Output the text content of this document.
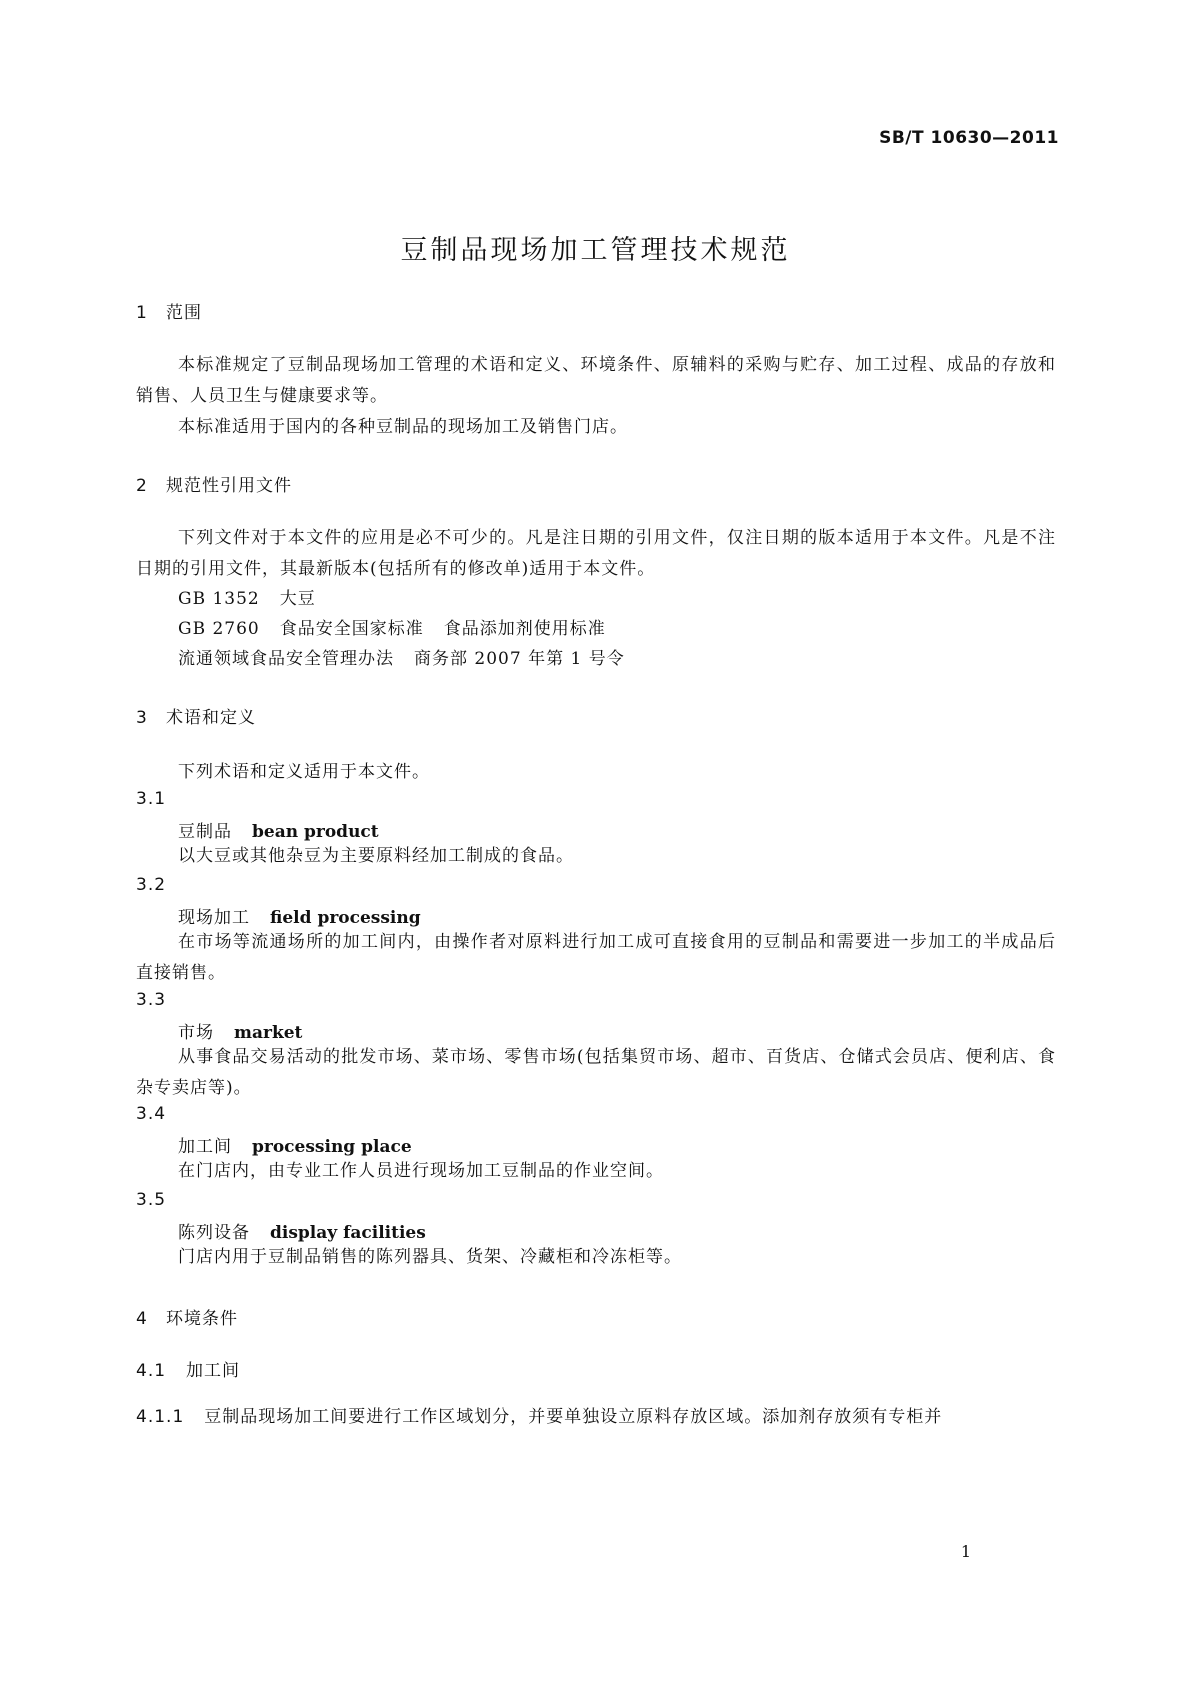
SB/T 10630—2011
豆制品现场加工管理技术规范
1 范围
本标准规定了豆制品现场加工管理的术语和定义、环境条件、原辅料的采购与贮存、加工过程、成品的存放和销售、人员卫生与健康要求等。
本标准适用于国内的各种豆制品的现场加工及销售门店。
2 规范性引用文件
下列文件对于本文件的应用是必不可少的。凡是注日期的引用文件，仅注日期的版本适用于本文件。凡是不注日期的引用文件，其最新版本(包括所有的修改单)适用于本文件。
GB 1352 大豆
GB 2760 食品安全国家标准 食品添加剂使用标准
流通领域食品安全管理办法 商务部 2007 年第 1 号令
3 术语和定义
下列术语和定义适用于本文件。
3.1
豆制品 bean product
以大豆或其他杂豆为主要原料经加工制成的食品。
3.2
现场加工 field processing
在市场等流通场所的加工间内，由操作者对原料进行加工成可直接食用的豆制品和需要进一步加工的半成品后直接销售。
3.3
市场 market
从事食品交易活动的批发市场、菜市场、零售市场(包括集贸市场、超市、百货店、仓储式会员店、便利店、食杂专卖店等)。
3.4
加工间 processing place
在门店内，由专业工作人员进行现场加工豆制品的作业空间。
3.5
陈列设备 display facilities
门店内用于豆制品销售的陈列器具、货架、冷藏柜和冷冻柜等。
4 环境条件
4.1 加工间
4.1.1 豆制品现场加工间要进行工作区域划分，并要单独设立原料存放区域。添加剂存放须有专柜并
1
